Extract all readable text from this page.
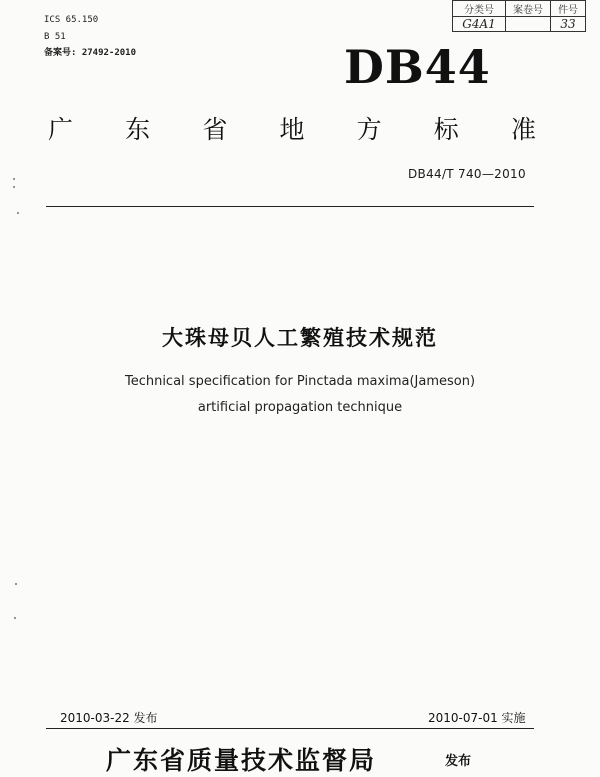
ICS 65.150
B 51
备案号: 27492-2010
分类号	案卷号	件号
G4A1		33
DB44
广 东 省 地 方 标 准
DB44/T 740—2010
大珠母贝人工繁殖技术规范
Technical specification for Pinctada maxima(Jameson)
artificial propagation technique
2010-03-22 发布	2010-07-01 实施
广东省质量技术监督局	发布
